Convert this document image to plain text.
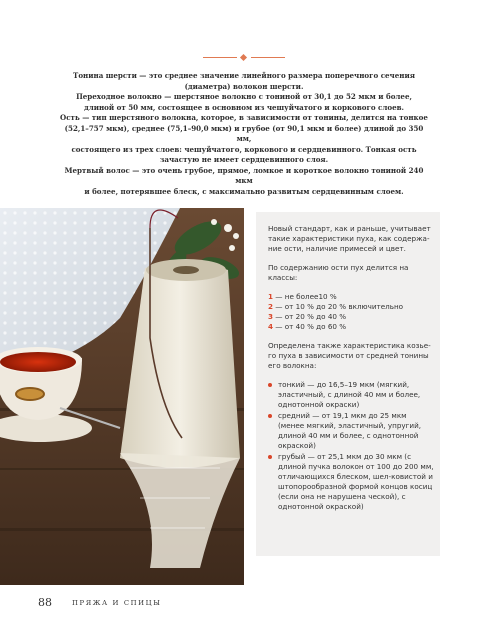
Тонина шерсти — это среднее значение линейного размера поперечного сечения

(диаметра) волокон шерсти.

Переходное волокно — шерстяное волокно с тониной от 30,1 до 52 мкм и более,

длиной от 50 мм, состоящее в основном из чешуйчатого и коркового слоев.

Ость — тип шерстяного волокна, которое, в зависимости от тонины, делится на тонкое

(52,1–757 мкм), среднее (75,1–90,0 мкм) и грубое (от 90,1 мкм и более) длиной до 350 мм,

состоящего из трех слоев: чешуйчатого, коркового и сердцевинного. Тонкая ость

зачастую не имеет сердцевинного слоя.

Мертвый волос — это очень грубое, прямое, ломкое и короткое волокно тониной 240 мкм

и более, потерявшее блеск, с максимально развитым сердцевинным слоем.

Новый стандарт, как и раньше, учитывает такие характеристики пуха, как содержа-ние ости, наличие примесей и цвет.

По содержанию ости пух делится на классы:

1 — не более10 %
2 — от 10 % до 20 % включительно
3 — от 20 % до 40 %
4 — от 40 % до 60 %

Определена также характеристика козье-го пуха в зависимости от средней тонины его волокна:

тонкий — до 16,5–19 мкм (мягкий, эластичный, с длиной 40 мм и более, однотонной окраски)
средний — от 19,1 мкм до 25 мкм (менее мягкий, эластичный, упругий, длиной 40 мм и более, с однотонной окраской)
грубый — от 25,1 мкм до 30 мкм (с длиной пучка волокон от 100 до 200 мм, отличающихся блеском, шел-ковистой и штопорообразной формой концов косиц (если она не нарушена ческой), с однотонной окраской)
88	ПРЯЖА И СПИЦЫ
